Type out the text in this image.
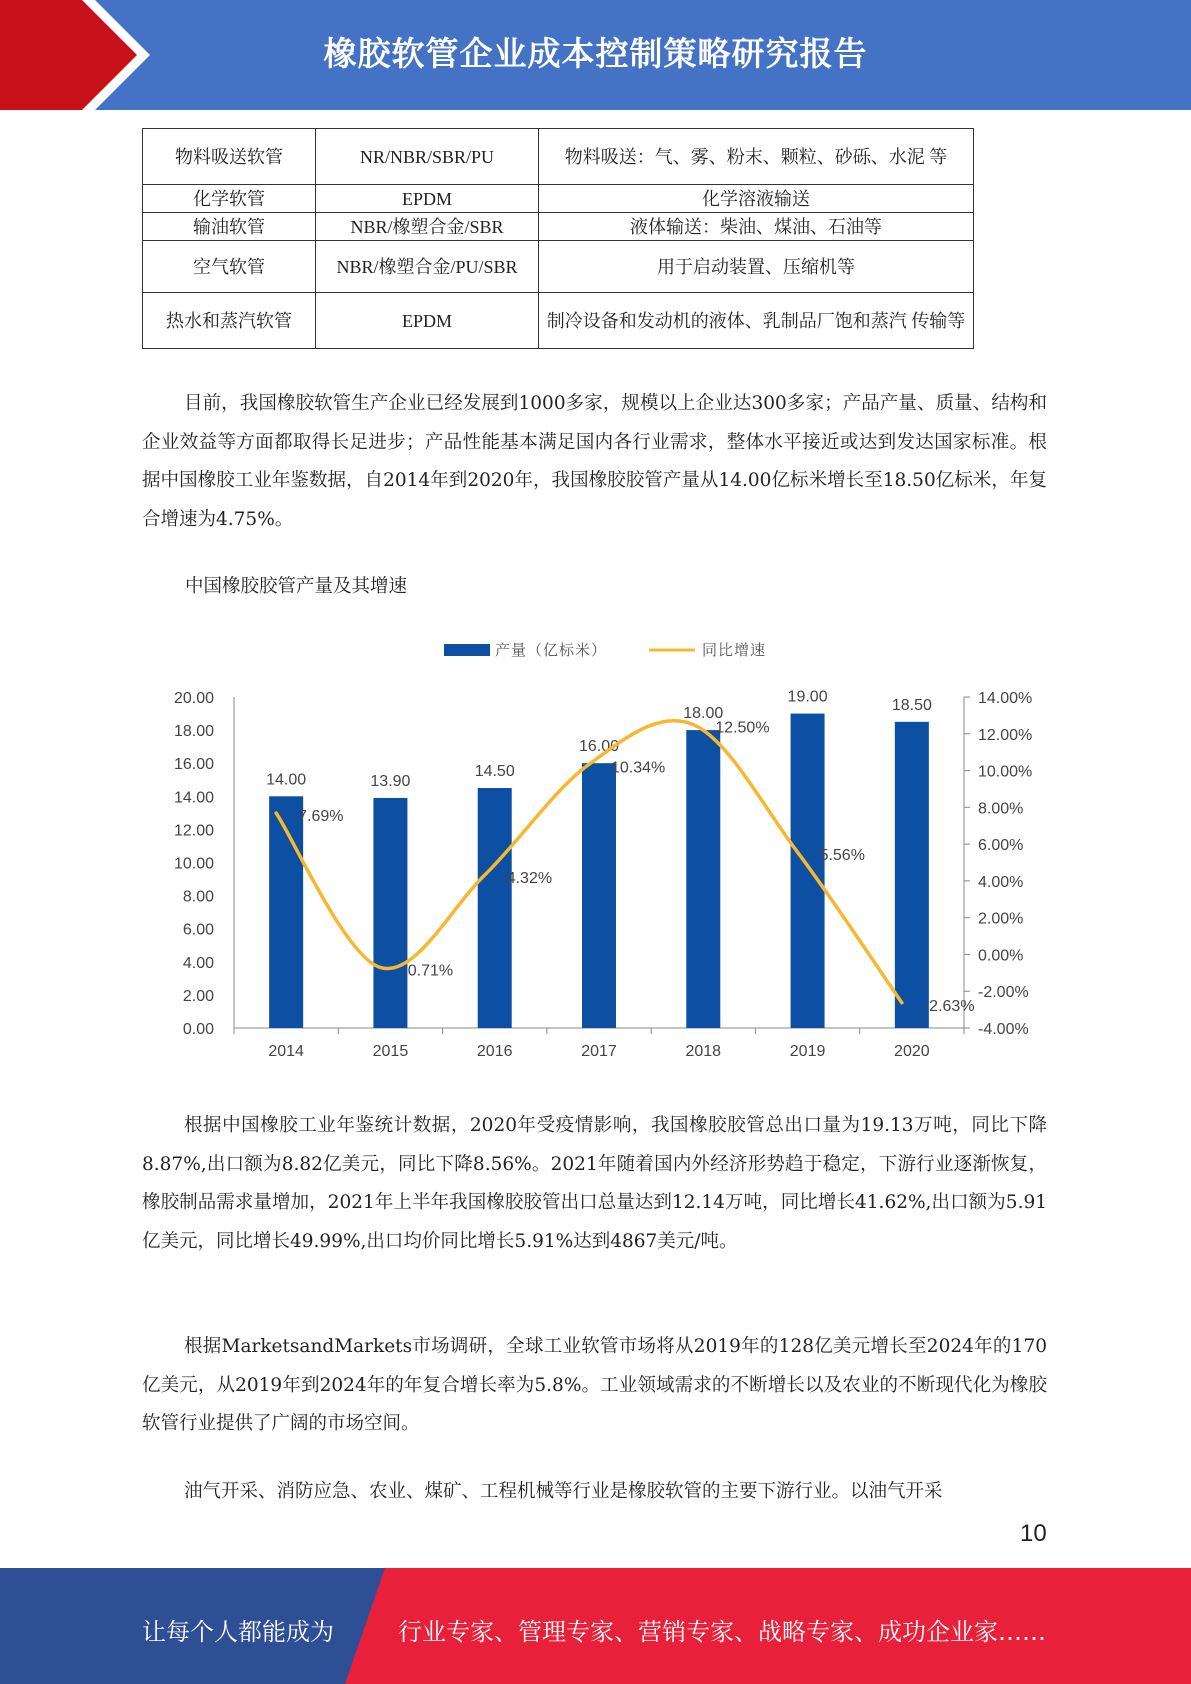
橡胶软管企业成本控制策略研究报告
物料吸送软管	NR/NBR/SBR/PU	物料吸送：气、雾、粉末、颗粒、砂砾、水泥 等
化学软管	EPDM	化学溶液输送
输油软管	NBR/橡塑合金/SBR	液体输送：柴油、煤油、石油等
空气软管	NBR/橡塑合金/PU/SBR	用于启动装置、压缩机等
热水和蒸汽软管	EPDM	制冷设备和发动机的液体、乳制品厂饱和蒸汽 传输等
目前，我国橡胶软管生产企业已经发展到1000多家，规模以上企业达300多家；产品产量、质量、结构和企业效益等方面都取得长足进步；产品性能基本满足国内各行业需求，整体水平接近或达到发达国家标准。根据中国橡胶工业年鉴数据，自2014年到2020年，我国橡胶胶管产量从14.00亿标米增长至18.50亿标米，年复合增速为4.75%。
中国橡胶胶管产量及其增速
产量（亿标米）	同比增速
0.00
2.00
4.00
6.00
8.00
10.00
12.00
14.00
16.00
18.00
20.00
-4.00%
-2.00%
0.00%
2.00%
4.00%
6.00%
8.00%
10.00%
12.00%
14.00%
2014	2015	2016	2017	2018	2019	2020
14.00	13.90
14.50
16.00
18.00
19.00	18.50
7.69%
-0.71%
4.32%
10.34%
12.50%
5.56%
-2.63%
根据中国橡胶工业年鉴统计数据，2020年受疫情影响，我国橡胶胶管总出口量为19.13万吨，同比下降8.87%,出口额为8.82亿美元，同比下降8.56%。2021年随着国内外经济形势趋于稳定，下游行业逐渐恢复，橡胶制品需求量增加，2021年上半年我国橡胶胶管出口总量达到12.14万吨，同比增长41.62%,出口额为5.91亿美元，同比增长49.99%,出口均价同比增长5.91%达到4867美元/吨。
根据MarketsandMarkets市场调研，全球工业软管市场将从2019年的128亿美元增长至2024年的170亿美元，从2019年到2024年的年复合增长率为5.8%。工业领域需求的不断增长以及农业的不断现代化为橡胶软管行业提供了广阔的市场空间。
油气开采、消防应急、农业、煤矿、工程机械等行业是橡胶软管的主要下游行业。以油气开采
10
让每个人都能成为	行业专家、管理专家、营销专家、战略专家、成功企业家……
